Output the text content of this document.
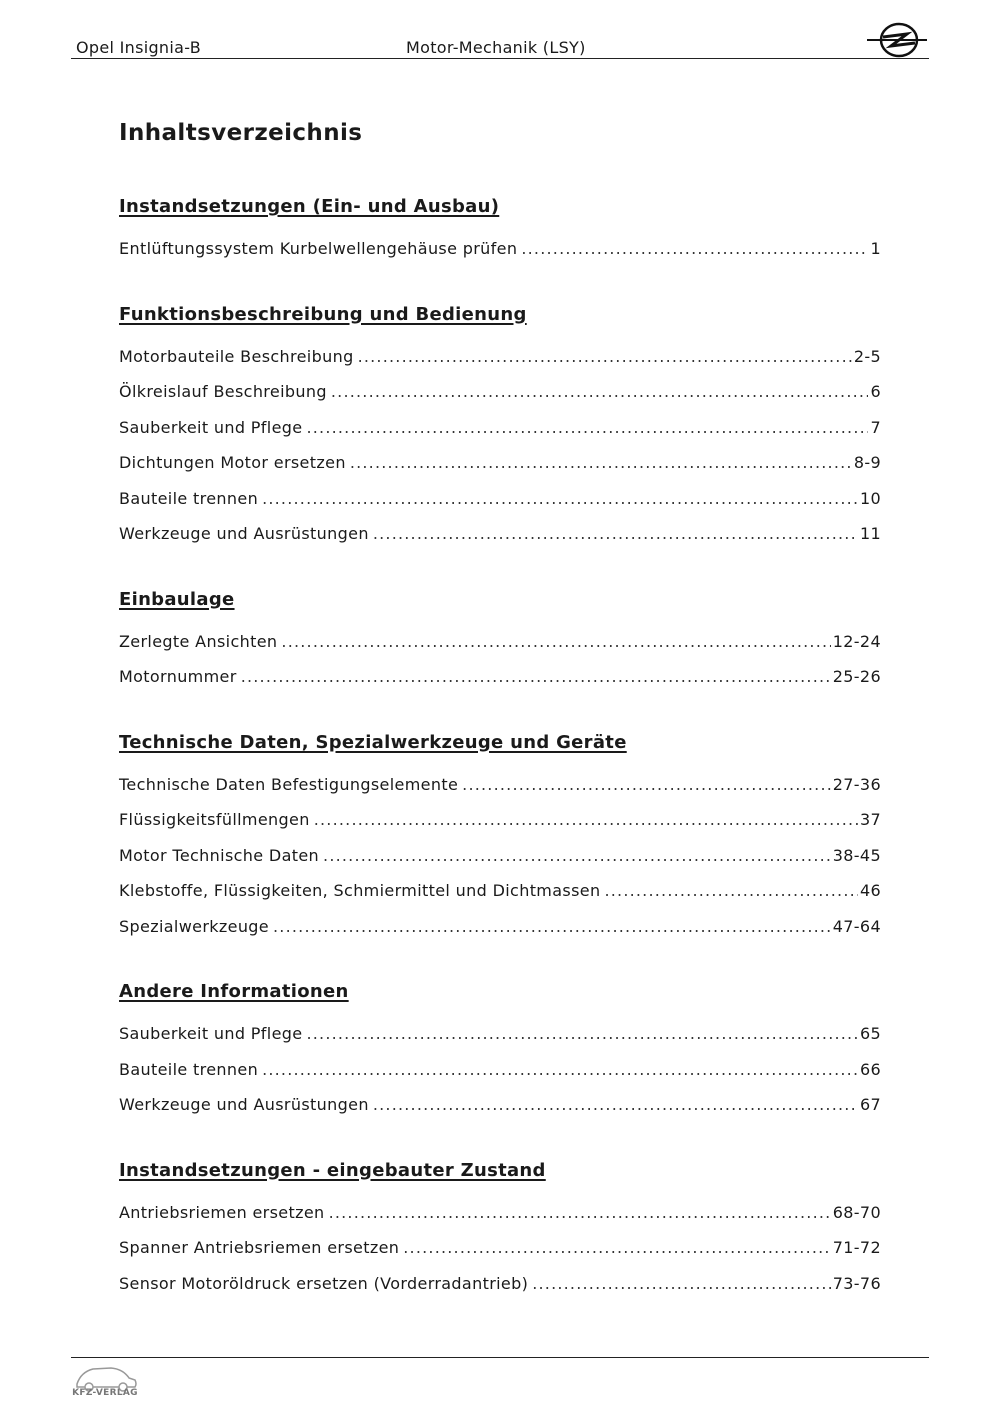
Opel Insignia-B	Motor-Mechanik (LSY)
Inhaltsverzeichnis
Instandsetzungen (Ein- und Ausbau)
Entlüftungssystem Kurbelwellengehäuse prüfen .....	1
Funktionsbeschreibung und Bedienung
Motorbauteile Beschreibung .....	2-5
Ölkreislauf Beschreibung .....	6
Sauberkeit und Pflege .....	7
Dichtungen Motor ersetzen .....	8-9
Bauteile trennen .....	10
Werkzeuge und Ausrüstungen .....	11
Einbaulage
Zerlegte Ansichten .....	12-24
Motornummer .....	25-26
Technische Daten, Spezialwerkzeuge und Geräte
Technische Daten Befestigungselemente .....	27-36
Flüssigkeitsfüllmengen .....	37
Motor Technische Daten .....	38-45
Klebstoffe, Flüssigkeiten, Schmiermittel und Dichtmassen .....	46
Spezialwerkzeuge .....	47-64
Andere Informationen
Sauberkeit und Pflege .....	65
Bauteile trennen .....	66
Werkzeuge und Ausrüstungen .....	67
Instandsetzungen - eingebauter Zustand
Antriebsriemen ersetzen .....	68-70
Spanner Antriebsriemen ersetzen .....	71-72
Sensor Motoröldruck ersetzen (Vorderradantrieb) .....	73-76
KFZ-VERLAG
